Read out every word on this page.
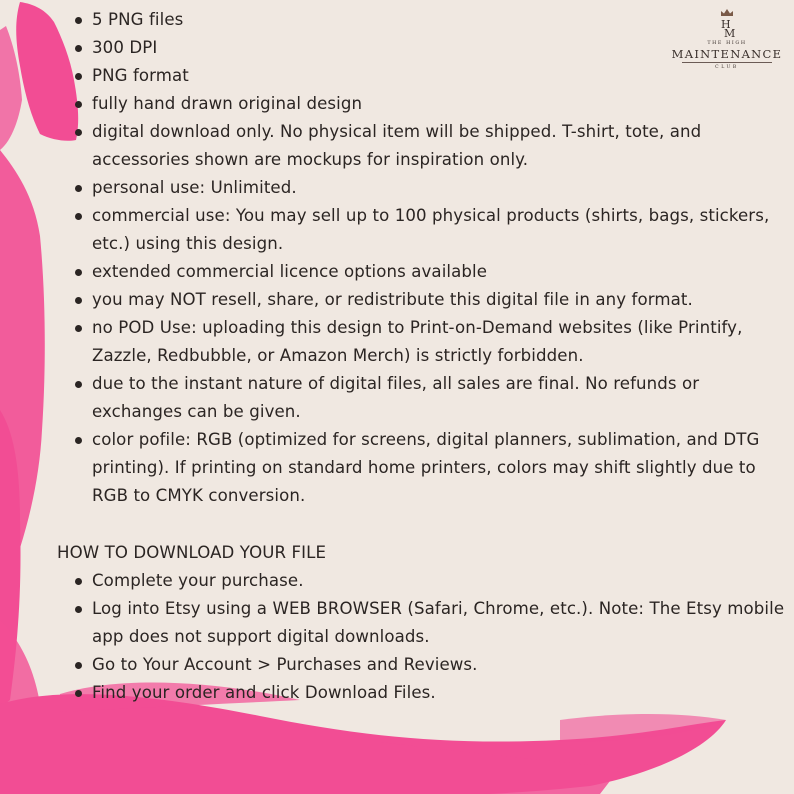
H
M
THE HIGH
MAINTENANCE
CLUB
5 PNG files
300 DPI
PNG format
fully hand drawn original design
digital download only. No physical item will be shipped. T-shirt, tote, and accessories shown are mockups for inspiration only.
personal use: Unlimited.
commercial use: You may sell up to 100 physical products (shirts, bags, stickers, etc.) using this design.
extended commercial licence options available
you may NOT resell, share, or redistribute this digital file in any format.
no POD Use: uploading this design to Print-on-Demand websites (like Printify, Zazzle, Redbubble, or Amazon Merch) is strictly forbidden.
due to the instant nature of digital files, all sales are final. No refunds or exchanges can be given.
color pofile: RGB (optimized for screens, digital planners, sublimation, and DTG printing). If printing on standard home printers, colors may shift slightly due to RGB to CMYK conversion.
HOW TO DOWNLOAD YOUR FILE
Complete your purchase.
Log into Etsy using a WEB BROWSER (Safari, Chrome, etc.). Note: The Etsy mobile app does not support digital downloads.
Go to Your Account > Purchases and Reviews.
Find your order and click Download Files.
